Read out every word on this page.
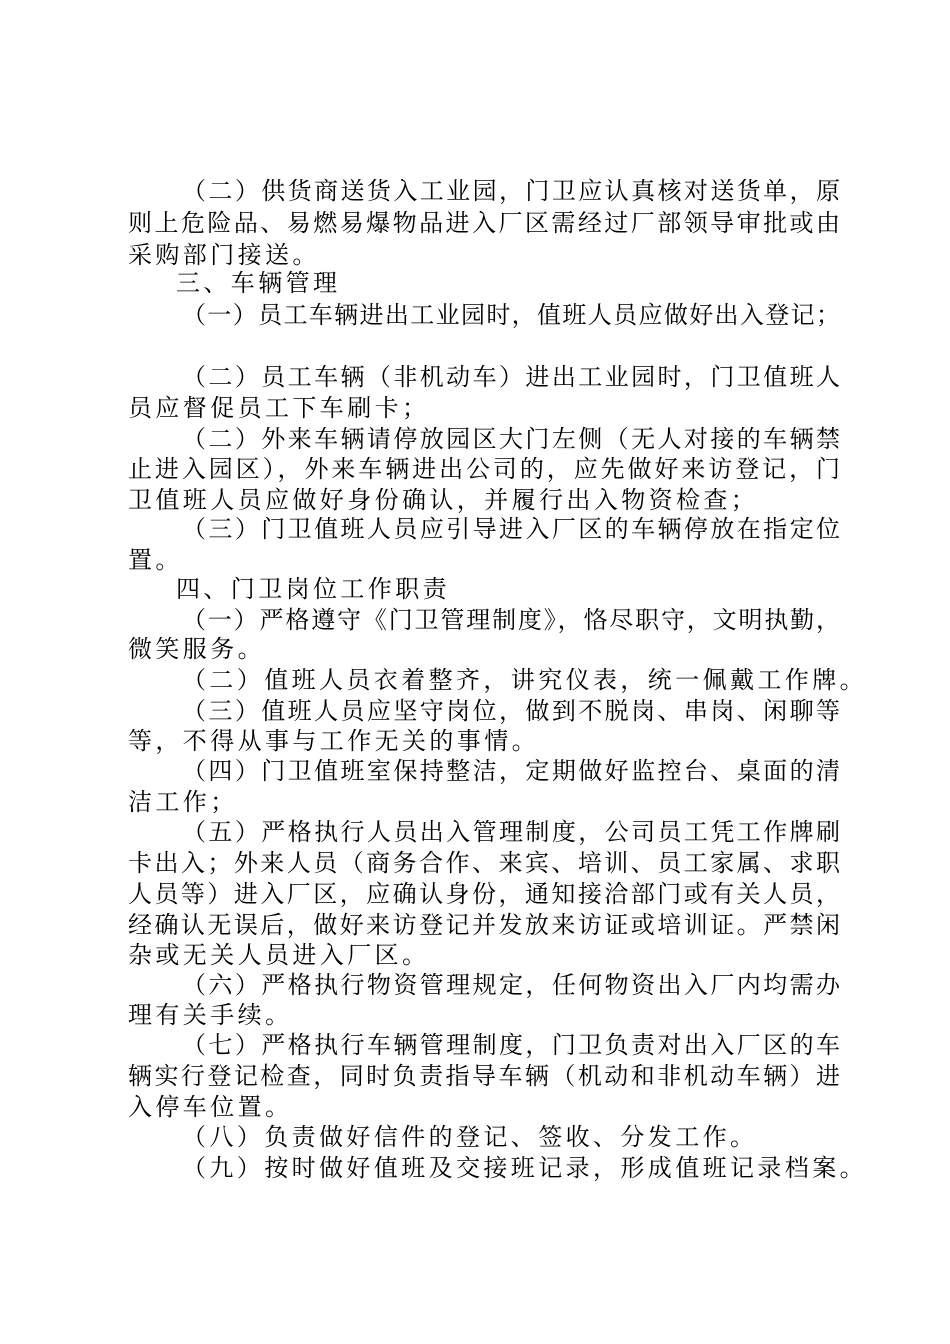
（二）供货商送货入工业园，门卫应认真核对送货单，原
则上危险品、易燃易爆物品进入厂区需经过厂部领导审批或由
采购部门接送。
三、车辆管理
（一）员工车辆进出工业园时，值班人员应做好出入登记；
（二）员工车辆（非机动车）进出工业园时，门卫值班人
员应督促员工下车刷卡；
（二）外来车辆请停放园区大门左侧（无人对接的车辆禁
止进入园区），外来车辆进出公司的，应先做好来访登记，门
卫值班人员应做好身份确认，并履行出入物资检查；
（三）门卫值班人员应引导进入厂区的车辆停放在指定位
置。
四、门卫岗位工作职责
（一）严格遵守《门卫管理制度》，恪尽职守，文明执勤，
微笑服务。
（二）值班人员衣着整齐，讲究仪表，统一佩戴工作牌。
（三）值班人员应坚守岗位，做到不脱岗、串岗、闲聊等
等，不得从事与工作无关的事情。
（四）门卫值班室保持整洁，定期做好监控台、桌面的清
洁工作；
（五）严格执行人员出入管理制度，公司员工凭工作牌刷
卡出入；外来人员（商务合作、来宾、培训、员工家属、求职
人员等）进入厂区，应确认身份，通知接洽部门或有关人员，
经确认无误后，做好来访登记并发放来访证或培训证。严禁闲
杂或无关人员进入厂区。
（六）严格执行物资管理规定，任何物资出入厂内均需办
理有关手续。
（七）严格执行车辆管理制度，门卫负责对出入厂区的车
辆实行登记检查，同时负责指导车辆（机动和非机动车辆）进
入停车位置。
（八）负责做好信件的登记、签收、分发工作。
（九）按时做好值班及交接班记录，形成值班记录档案。
